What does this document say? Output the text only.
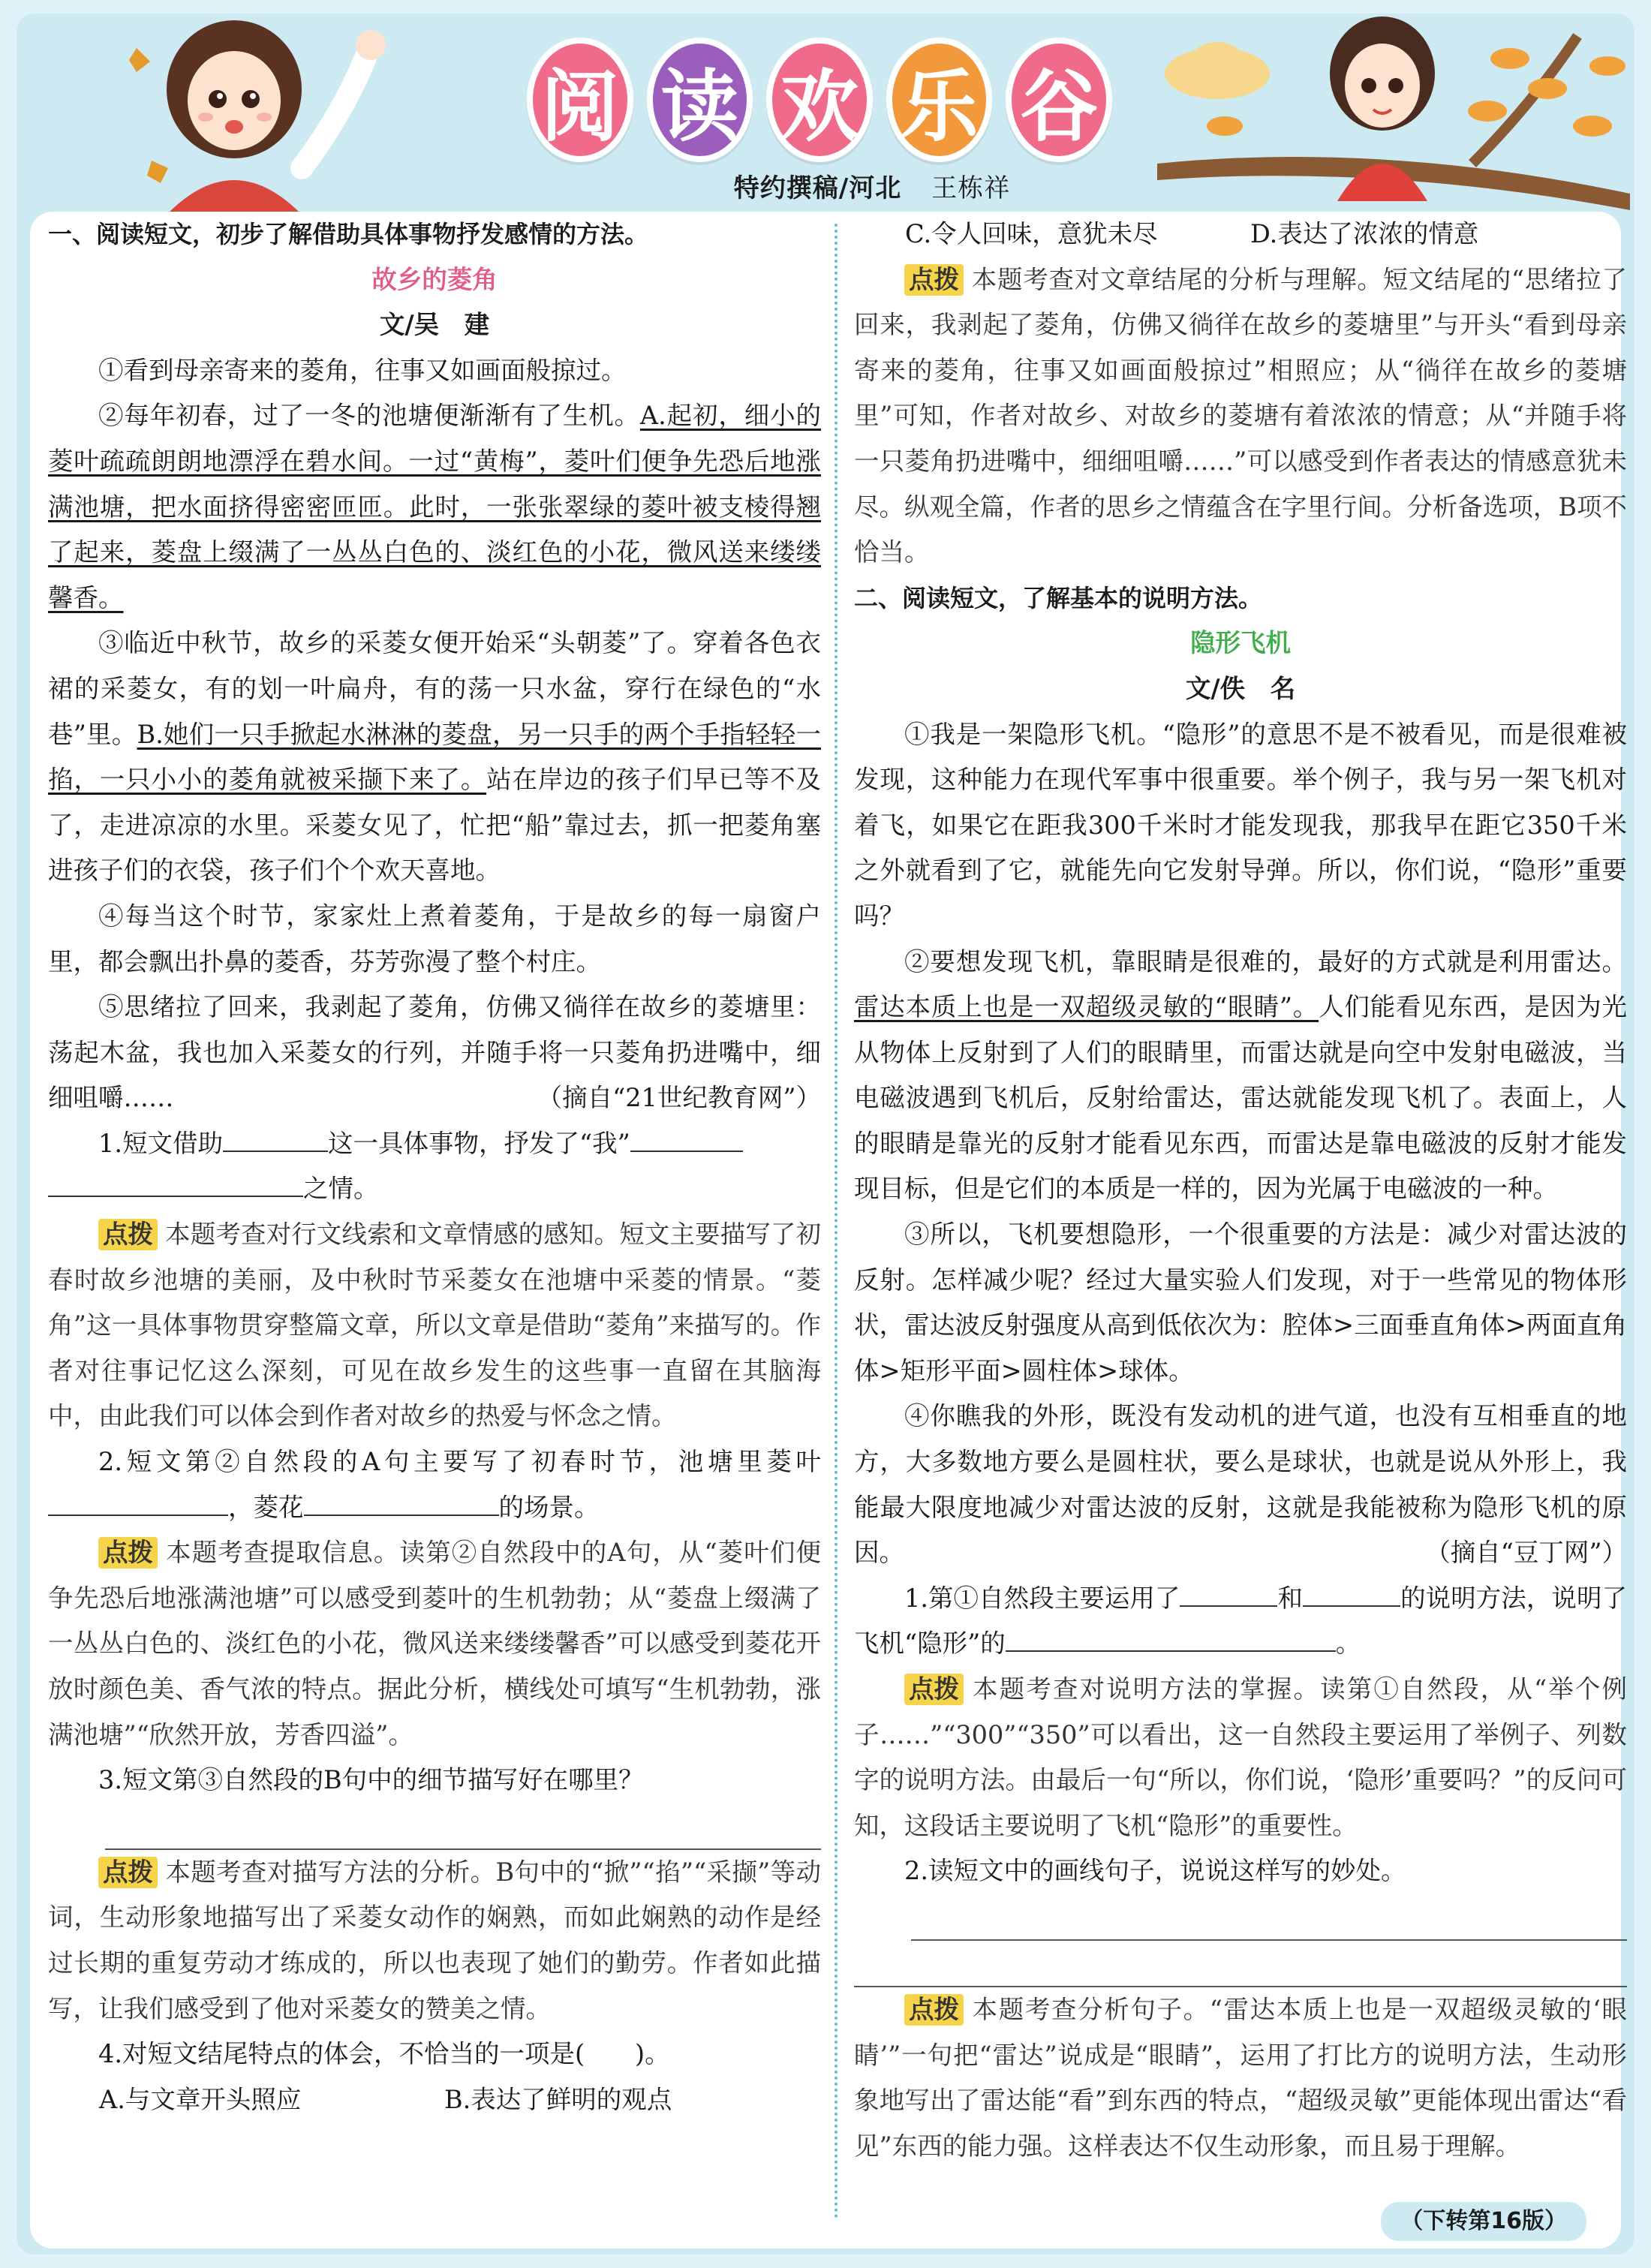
阅 读 欢 乐 谷
特约撰稿/河北 王栋祥

一、阅读短文，初步了解借助具体事物抒发感情的方法。

故乡的菱角

文/吴　建

①看到母亲寄来的菱角，往事又如画面般掠过。

②每年初春，过了一冬的池塘便渐渐有了生机。A.起初，细小的菱叶疏疏朗朗地漂浮在碧水间。一过“黄梅”，菱叶们便争先恐后地涨满池塘，把水面挤得密密匝匝。此时，一张张翠绿的菱叶被支棱得翘了起来，菱盘上缀满了一丛丛白色的、淡红色的小花，微风送来缕缕馨香。

③临近中秋节，故乡的采菱女便开始采“头朝菱”了。穿着各色衣裙的采菱女，有的划一叶扁舟，有的荡一只水盆，穿行在绿色的“水巷”里。B.她们一只手掀起水淋淋的菱盘，另一只手的两个手指轻轻一掐，一只小小的菱角就被采撷下来了。站在岸边的孩子们早已等不及了，走进凉凉的水里。采菱女见了，忙把“船”靠过去，抓一把菱角塞进孩子们的衣袋，孩子们个个欢天喜地。

④每当这个时节，家家灶上煮着菱角，于是故乡的每一扇窗户里，都会飘出扑鼻的菱香，芬芳弥漫了整个村庄。

⑤思绪拉了回来，我剥起了菱角，仿佛又徜徉在故乡的菱塘里：荡起木盆，我也加入采菱女的行列，并随手将一只菱角扔进嘴中，细细咀嚼……	（摘自“21世纪教育网”）

1.短文借助	这一具体事物，抒发了“我”

之情。

点拨 本题考查对行文线索和文章情感的感知。短文主要描写了初春时故乡池塘的美丽，及中秋时节采菱女在池塘中采菱的情景。“菱角”这一具体事物贯穿整篇文章，所以文章是借助“菱角”来描写的。作者对往事记忆这么深刻，可见在故乡发生的这些事一直留在其脑海中，由此我们可以体会到作者对故乡的热爱与怀念之情。

2.短文第②自然段的A句主要写了初春时节，池塘里菱叶，菱花	的场景。

点拨 本题考查提取信息。读第②自然段中的A句，从“菱叶们便争先恐后地涨满池塘”可以感受到菱叶的生机勃勃；从“菱盘上缀满了一丛丛白色的、淡红色的小花，微风送来缕缕馨香”可以感受到菱花开放时颜色美、香气浓的特点。据此分析，横线处可填写“生机勃勃，涨满池塘”“欣然开放，芳香四溢”。

3.短文第③自然段的B句中的细节描写好在哪里？

点拨 本题考查对描写方法的分析。B句中的“掀”“掐”“采撷”等动词，生动形象地描写出了采菱女动作的娴熟，而如此娴熟的动作是经过长期的重复劳动才练成的，所以也表现了她们的勤劳。作者如此描写，让我们感受到了他对采菱女的赞美之情。

4.对短文结尾特点的体会，不恰当的一项是(　　)。

A.与文章开头照应	B.表达了鲜明的观点

C.令人回味，意犹未尽	D.表达了浓浓的情意

点拨 本题考查对文章结尾的分析与理解。短文结尾的“思绪拉了回来，我剥起了菱角，仿佛又徜徉在故乡的菱塘里”与开头“看到母亲寄来的菱角，往事又如画面般掠过”相照应；从“徜徉在故乡的菱塘里”可知，作者对故乡、对故乡的菱塘有着浓浓的情意；从“并随手将一只菱角扔进嘴中，细细咀嚼……”可以感受到作者表达的情感意犹未尽。纵观全篇，作者的思乡之情蕴含在字里行间。分析备选项，B项不恰当。

二、阅读短文，了解基本的说明方法。

隐形飞机

文/佚　名

①我是一架隐形飞机。“隐形”的意思不是不被看见，而是很难被发现，这种能力在现代军事中很重要。举个例子，我与另一架飞机对着飞，如果它在距我300千米时才能发现我，那我早在距它350千米之外就看到了它，就能先向它发射导弹。所以，你们说，“隐形”重要吗？

②要想发现飞机，靠眼睛是很难的，最好的方式就是利用雷达。雷达本质上也是一双超级灵敏的“眼睛”。人们能看见东西，是因为光从物体上反射到了人们的眼睛里，而雷达就是向空中发射电磁波，当电磁波遇到飞机后，反射给雷达，雷达就能发现飞机了。表面上，人的眼睛是靠光的反射才能看见东西，而雷达是靠电磁波的反射才能发现目标，但是它们的本质是一样的，因为光属于电磁波的一种。

③所以，飞机要想隐形，一个很重要的方法是：减少对雷达波的反射。怎样减少呢？经过大量实验人们发现，对于一些常见的物体形状，雷达波反射强度从高到低依次为：腔体>三面垂直角体>两面直角体>矩形平面>圆柱体>球体。

④你瞧我的外形，既没有发动机的进气道，也没有互相垂直的地方，大多数地方要么是圆柱状，要么是球状，也就是说从外形上，我能最大限度地减少对雷达波的反射，这就是我能被称为隐形飞机的原因。	（摘自“豆丁网”）

1.第①自然段主要运用了	和	的说明方法，说明了飞机“隐形”的	。

点拨 本题考查对说明方法的掌握。读第①自然段，从“举个例子……”“300”“350”可以看出，这一自然段主要运用了举例子、列数字的说明方法。由最后一句“所以，你们说，‘隐形’重要吗？”的反问可知，这段话主要说明了飞机“隐形”的重要性。

2.读短文中的画线句子，说说这样写的妙处。

点拨 本题考查分析句子。“雷达本质上也是一双超级灵敏的‘眼睛’”一句把“雷达”说成是“眼睛”，运用了打比方的说明方法，生动形象地写出了雷达能“看”到东西的特点，“超级灵敏”更能体现出雷达“看见”东西的能力强。这样表达不仅生动形象，而且易于理解。

（下转第16版）
